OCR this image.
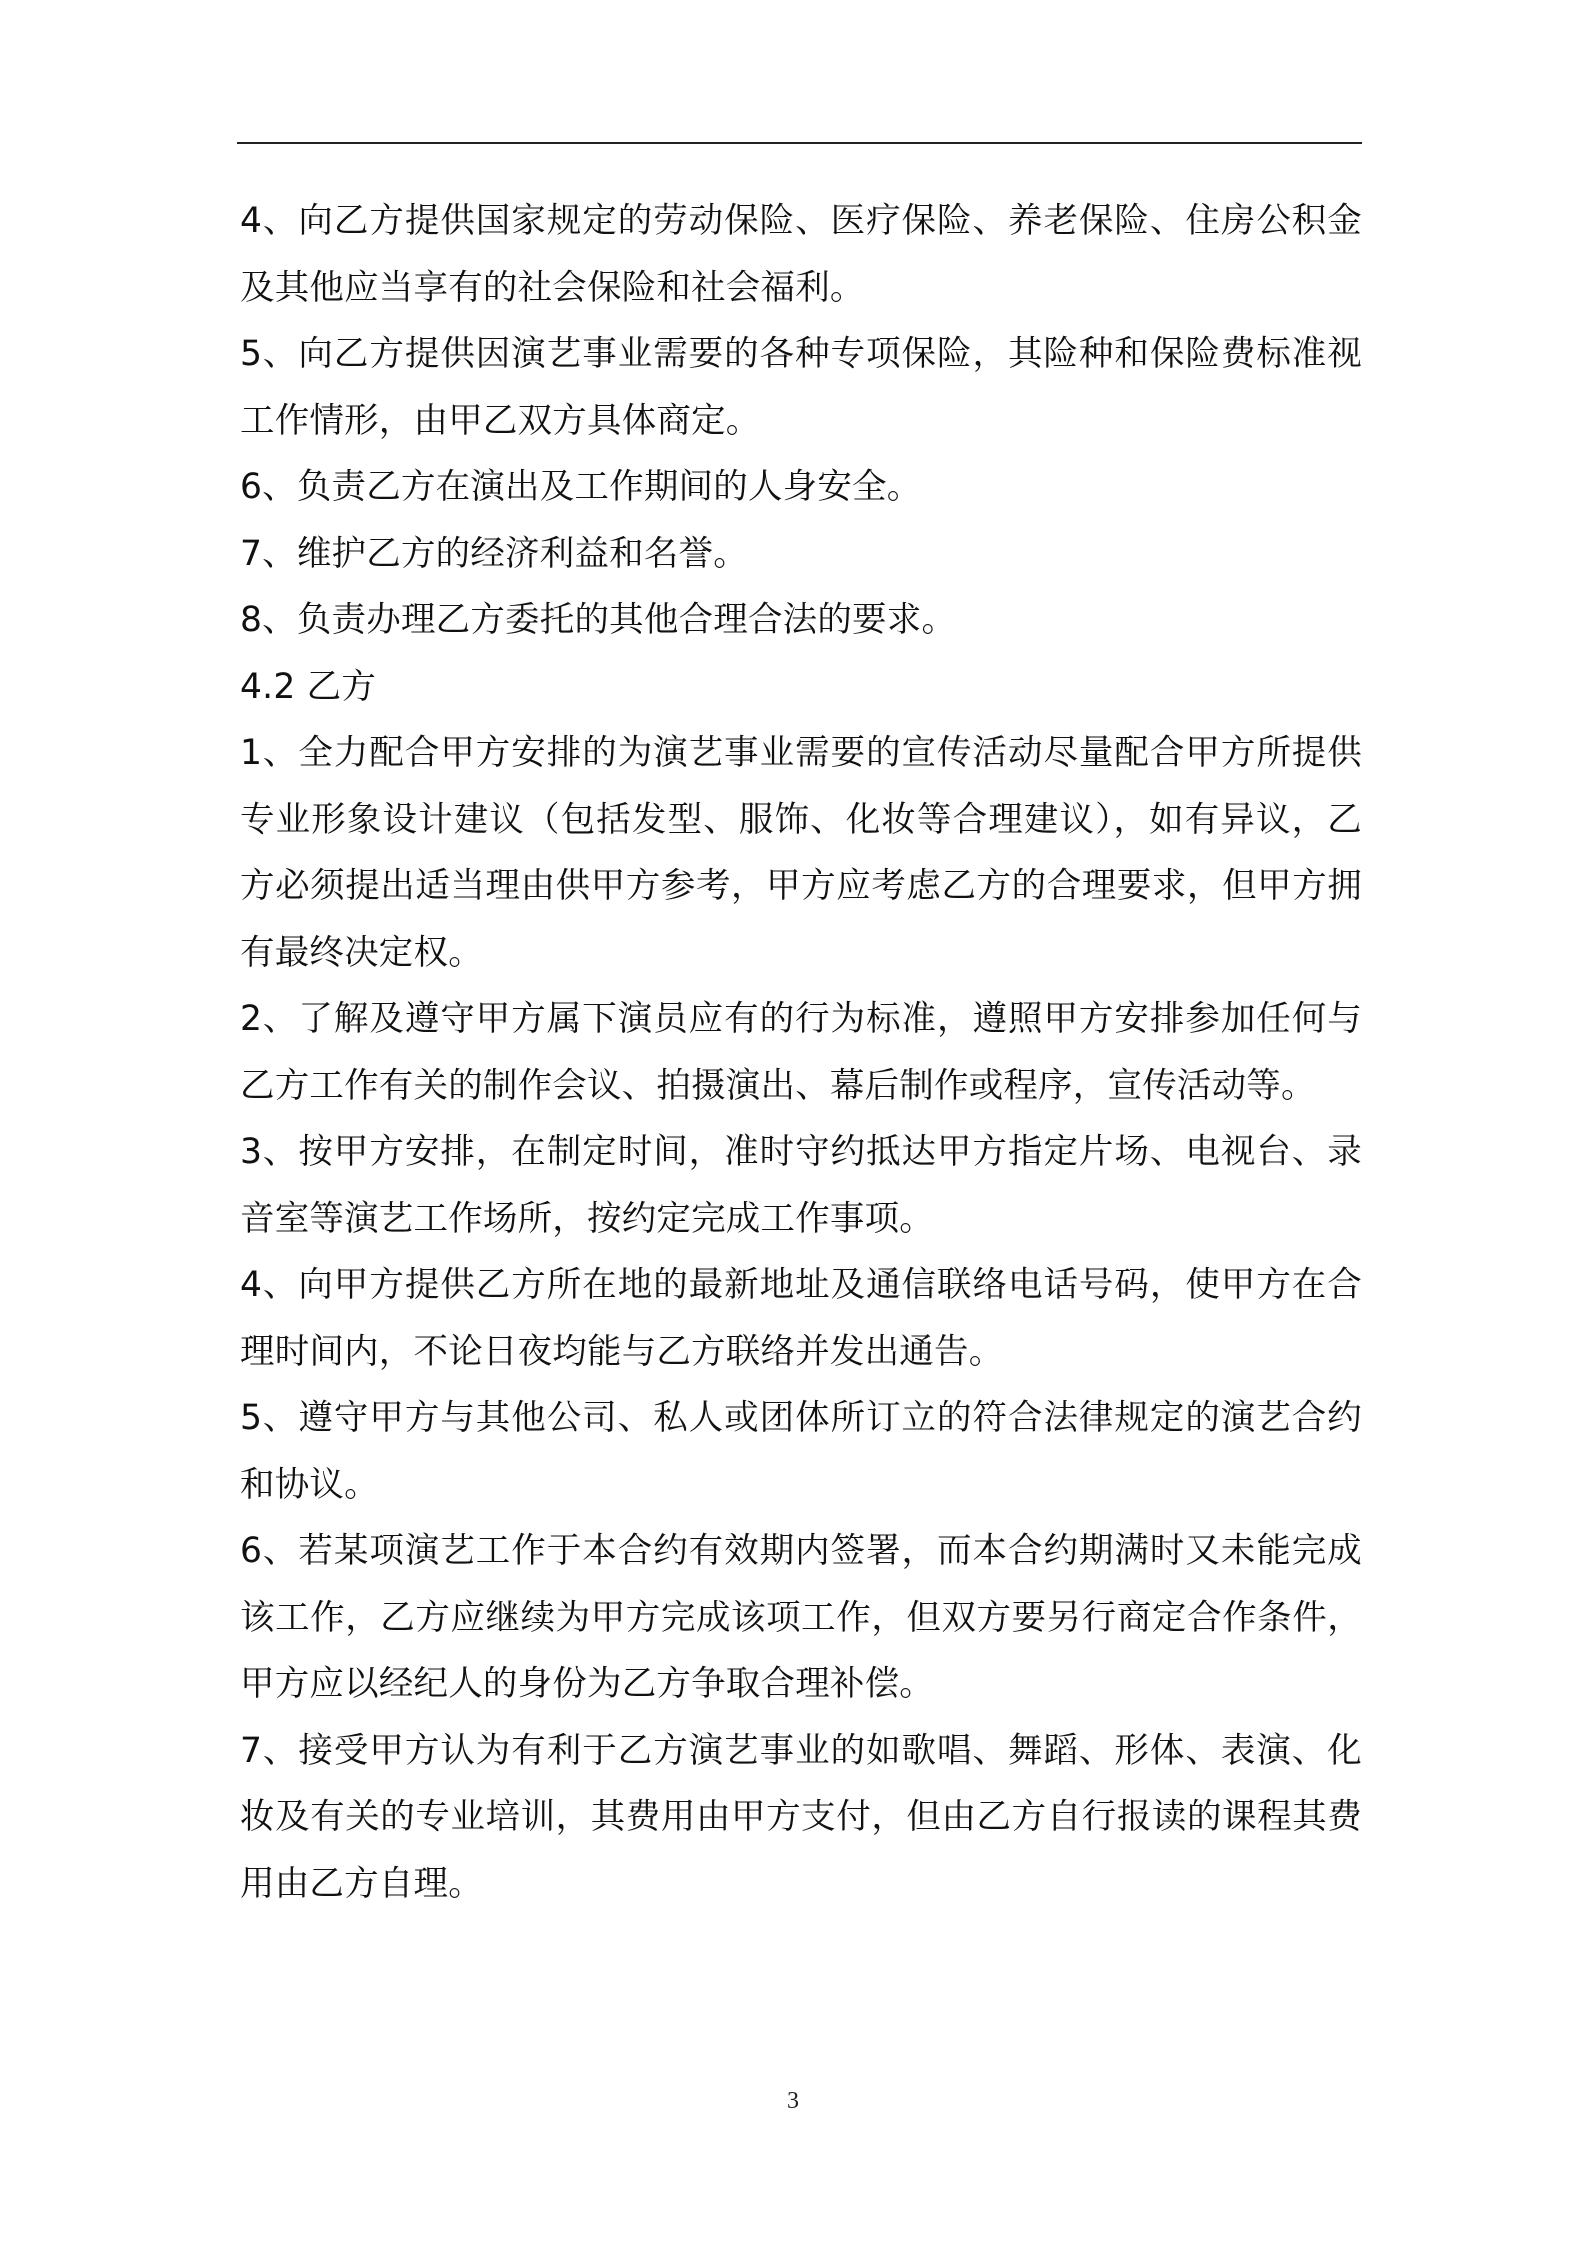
4、向乙方提供国家规定的劳动保险、医疗保险、养老保险、住房公积金及其他应当享有的社会保险和社会福利。

5、向乙方提供因演艺事业需要的各种专项保险，其险种和保险费标准视工作情形，由甲乙双方具体商定。

6、负责乙方在演出及工作期间的人身安全。

7、维护乙方的经济利益和名誉。

8、负责办理乙方委托的其他合理合法的要求。

4.2 乙方

1、全力配合甲方安排的为演艺事业需要的宣传活动尽量配合甲方所提供专业形象设计建议（包括发型、服饰、化妆等合理建议），如有异议，乙方必须提出适当理由供甲方参考，甲方应考虑乙方的合理要求，但甲方拥有最终决定权。

2、了解及遵守甲方属下演员应有的行为标准，遵照甲方安排参加任何与乙方工作有关的制作会议、拍摄演出、幕后制作或程序，宣传活动等。

3、按甲方安排，在制定时间，准时守约抵达甲方指定片场、电视台、录音室等演艺工作场所，按约定完成工作事项。

4、向甲方提供乙方所在地的最新地址及通信联络电话号码，使甲方在合理时间内，不论日夜均能与乙方联络并发出通告。

5、遵守甲方与其他公司、私人或团体所订立的符合法律规定的演艺合约和协议。

6、若某项演艺工作于本合约有效期内签署，而本合约期满时又未能完成该工作，乙方应继续为甲方完成该项工作，但双方要另行商定合作条件，甲方应以经纪人的身份为乙方争取合理补偿。

7、接受甲方认为有利于乙方演艺事业的如歌唱、舞蹈、形体、表演、化妆及有关的专业培训，其费用由甲方支付，但由乙方自行报读的课程其费用由乙方自理。

3
